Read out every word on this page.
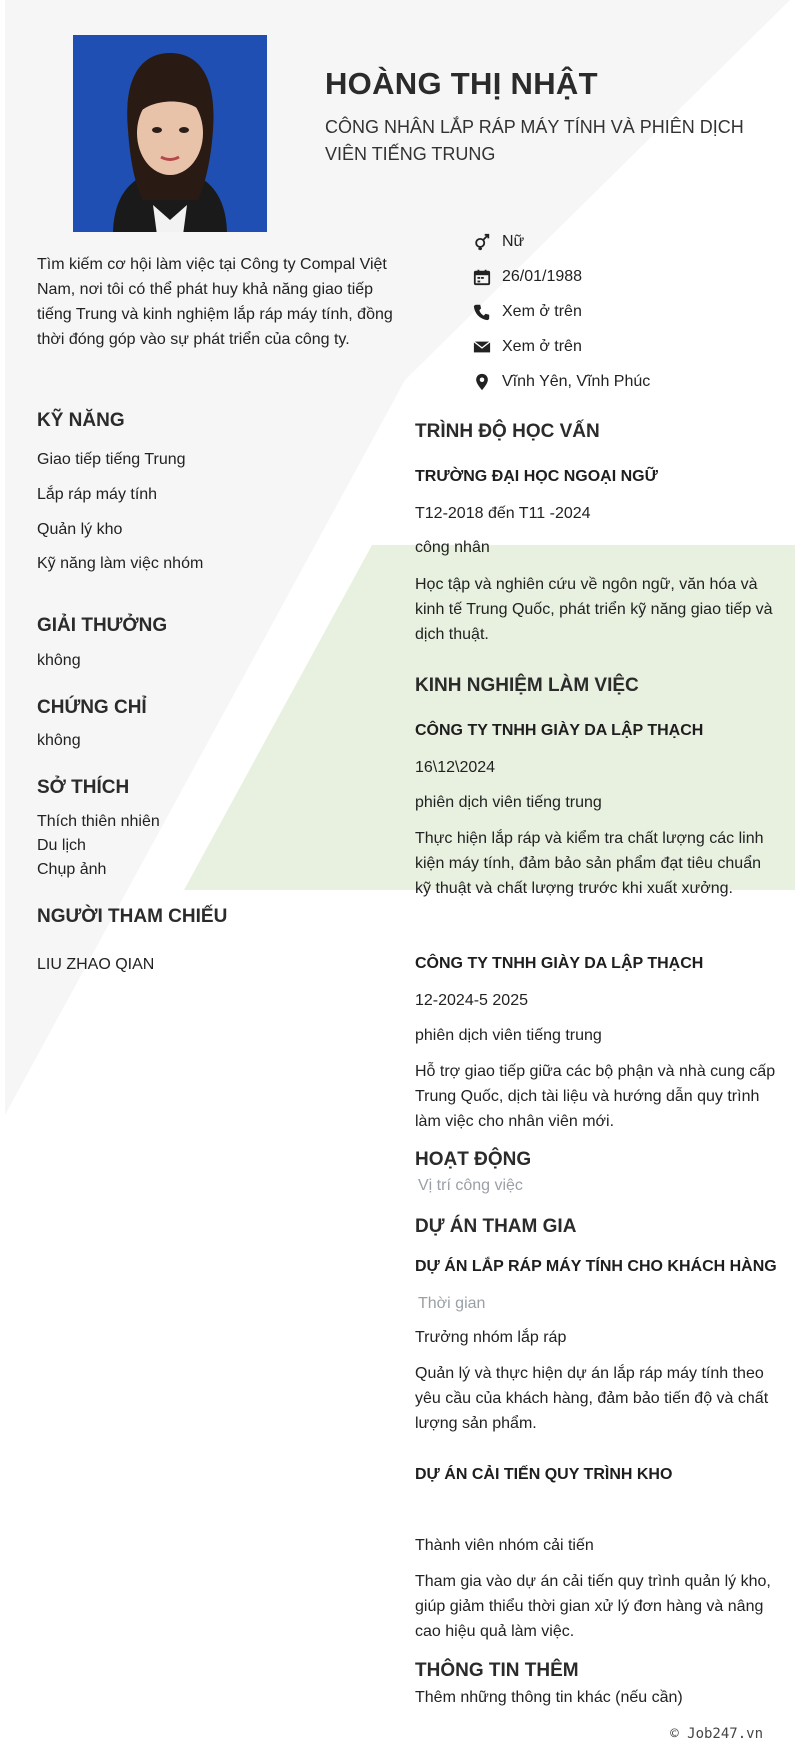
HOÀNG THỊ NHẬT
CÔNG NHÂN LẮP RÁP MÁY TÍNH VÀ PHIÊN DỊCH VIÊN TIẾNG TRUNG
Nữ
26/01/1988
Xem ở trên
Xem ở trên
Vĩnh Yên, Vĩnh Phúc
Tìm kiếm cơ hội làm việc tại Công ty Compal Việt Nam, nơi tôi có thể phát huy khả năng giao tiếp tiếng Trung và kinh nghiệm lắp ráp máy tính, đồng thời đóng góp vào sự phát triển của công ty.
KỸ NĂNG
Giao tiếp tiếng Trung
Lắp ráp máy tính
Quản lý kho
Kỹ năng làm việc nhóm
GIẢI THƯỞNG
không
CHỨNG CHỈ
không
SỞ THÍCH
Thích thiên nhiên
Du lịch
Chụp ảnh
NGƯỜI THAM CHIẾU
LIU ZHAO QIAN
TRÌNH ĐỘ HỌC VẤN
TRƯỜNG ĐẠI HỌC NGOẠI NGỮ
T12-2018 đến T11 -2024
công nhân
Học tập và nghiên cứu về ngôn ngữ, văn hóa và kinh tế Trung Quốc, phát triển kỹ năng giao tiếp và dịch thuật.
KINH NGHIỆM LÀM VIỆC
CÔNG TY TNHH GIÀY DA LẬP THẠCH
16\12\2024
phiên dịch viên tiếng trung
Thực hiện lắp ráp và kiểm tra chất lượng các linh kiện máy tính, đảm bảo sản phẩm đạt tiêu chuẩn kỹ thuật và chất lượng trước khi xuất xưởng.
CÔNG TY TNHH GIÀY DA LẬP THẠCH
12-2024-5 2025
phiên dịch viên tiếng trung
Hỗ trợ giao tiếp giữa các bộ phận và nhà cung cấp Trung Quốc, dịch tài liệu và hướng dẫn quy trình làm việc cho nhân viên mới.
HOẠT ĐỘNG
Vị trí công việc
DỰ ÁN THAM GIA
DỰ ÁN LẮP RÁP MÁY TÍNH CHO KHÁCH HÀNG
Thời gian
Trưởng nhóm lắp ráp
Quản lý và thực hiện dự án lắp ráp máy tính theo yêu cầu của khách hàng, đảm bảo tiến độ và chất lượng sản phẩm.
DỰ ÁN CẢI TIẾN QUY TRÌNH KHO
Thành viên nhóm cải tiến
Tham gia vào dự án cải tiến quy trình quản lý kho, giúp giảm thiểu thời gian xử lý đơn hàng và nâng cao hiệu quả làm việc.
THÔNG TIN THÊM
Thêm những thông tin khác (nếu cần)
© Job247.vn
